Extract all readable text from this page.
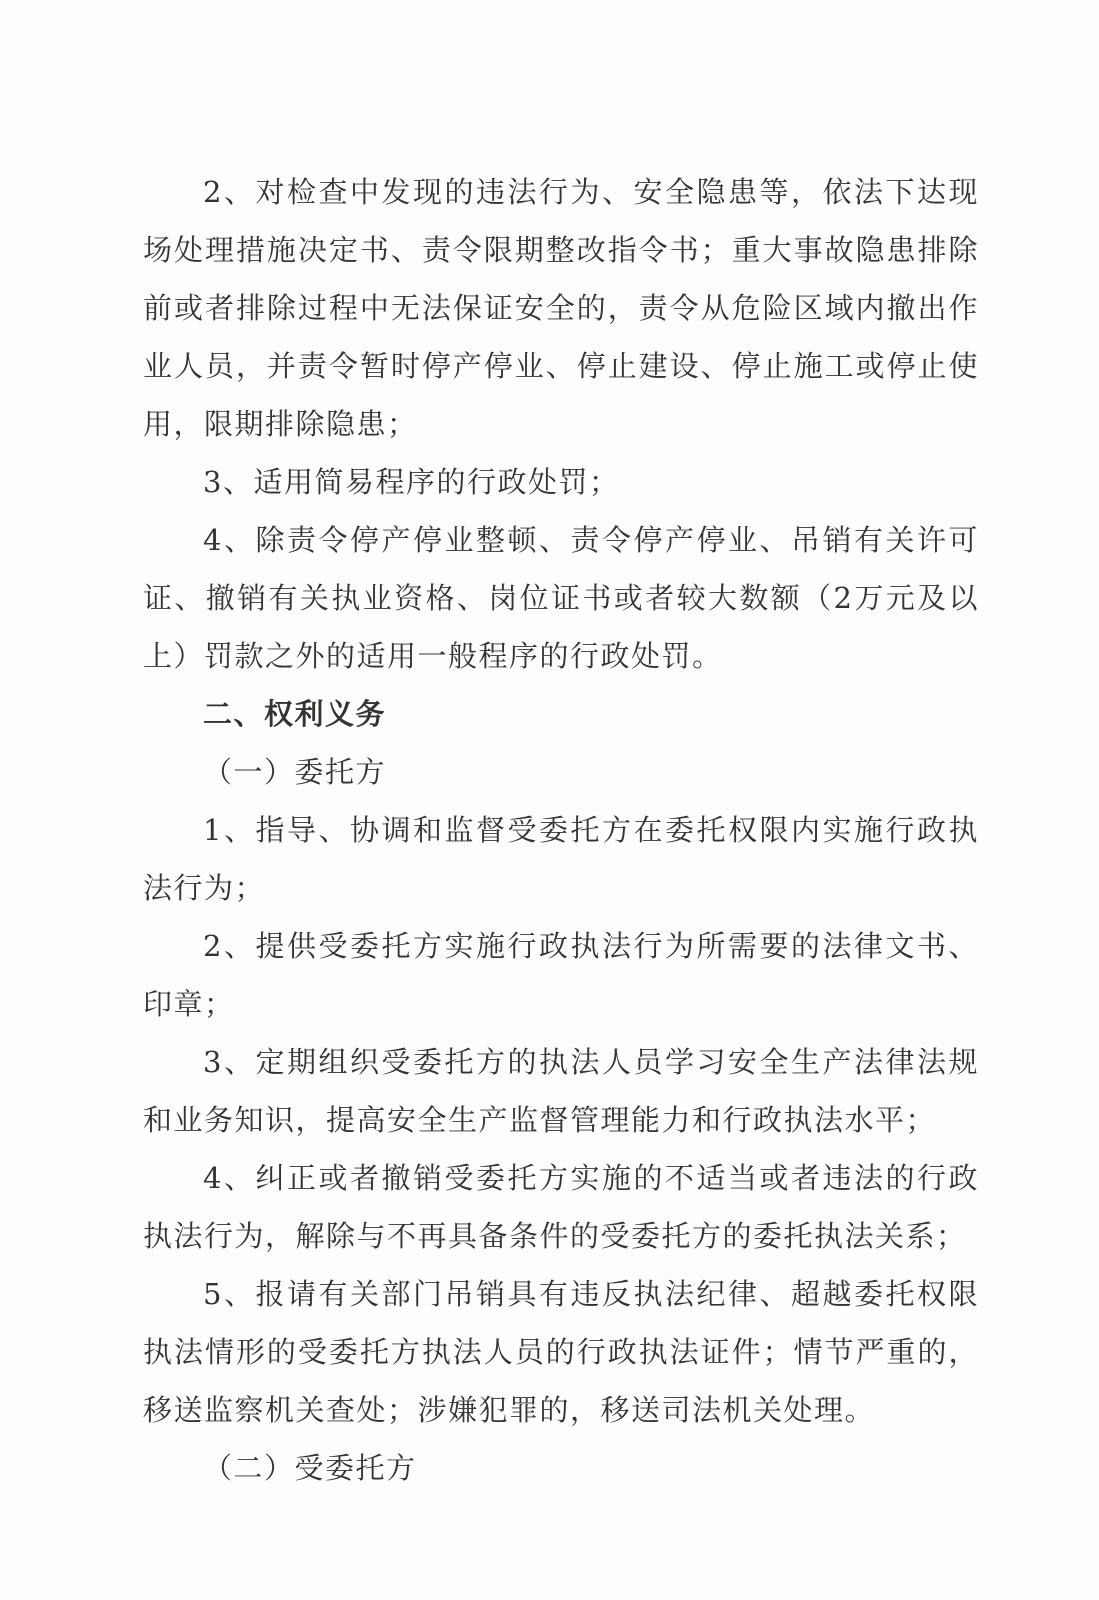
2、对检查中发现的违法行为、安全隐患等，依法下达现场处理措施决定书、责令限期整改指令书；重大事故隐患排除前或者排除过程中无法保证安全的，责令从危险区域内撤出作业人员，并责令暂时停产停业、停止建设、停止施工或停止使用，限期排除隐患；

3、适用简易程序的行政处罚；

4、除责令停产停业整顿、责令停产停业、吊销有关许可证、撤销有关执业资格、岗位证书或者较大数额（2万元及以上）罚款之外的适用一般程序的行政处罚。

二、权利义务

（一）委托方

1、指导、协调和监督受委托方在委托权限内实施行政执法行为；

2、提供受委托方实施行政执法行为所需要的法律文书、印章；

3、定期组织受委托方的执法人员学习安全生产法律法规和业务知识，提高安全生产监督管理能力和行政执法水平；

4、纠正或者撤销受委托方实施的不适当或者违法的行政执法行为，解除与不再具备条件的受委托方的委托执法关系；

5、报请有关部门吊销具有违反执法纪律、超越委托权限执法情形的受委托方执法人员的行政执法证件；情节严重的，移送监察机关查处；涉嫌犯罪的，移送司法机关处理。

（二）受委托方
